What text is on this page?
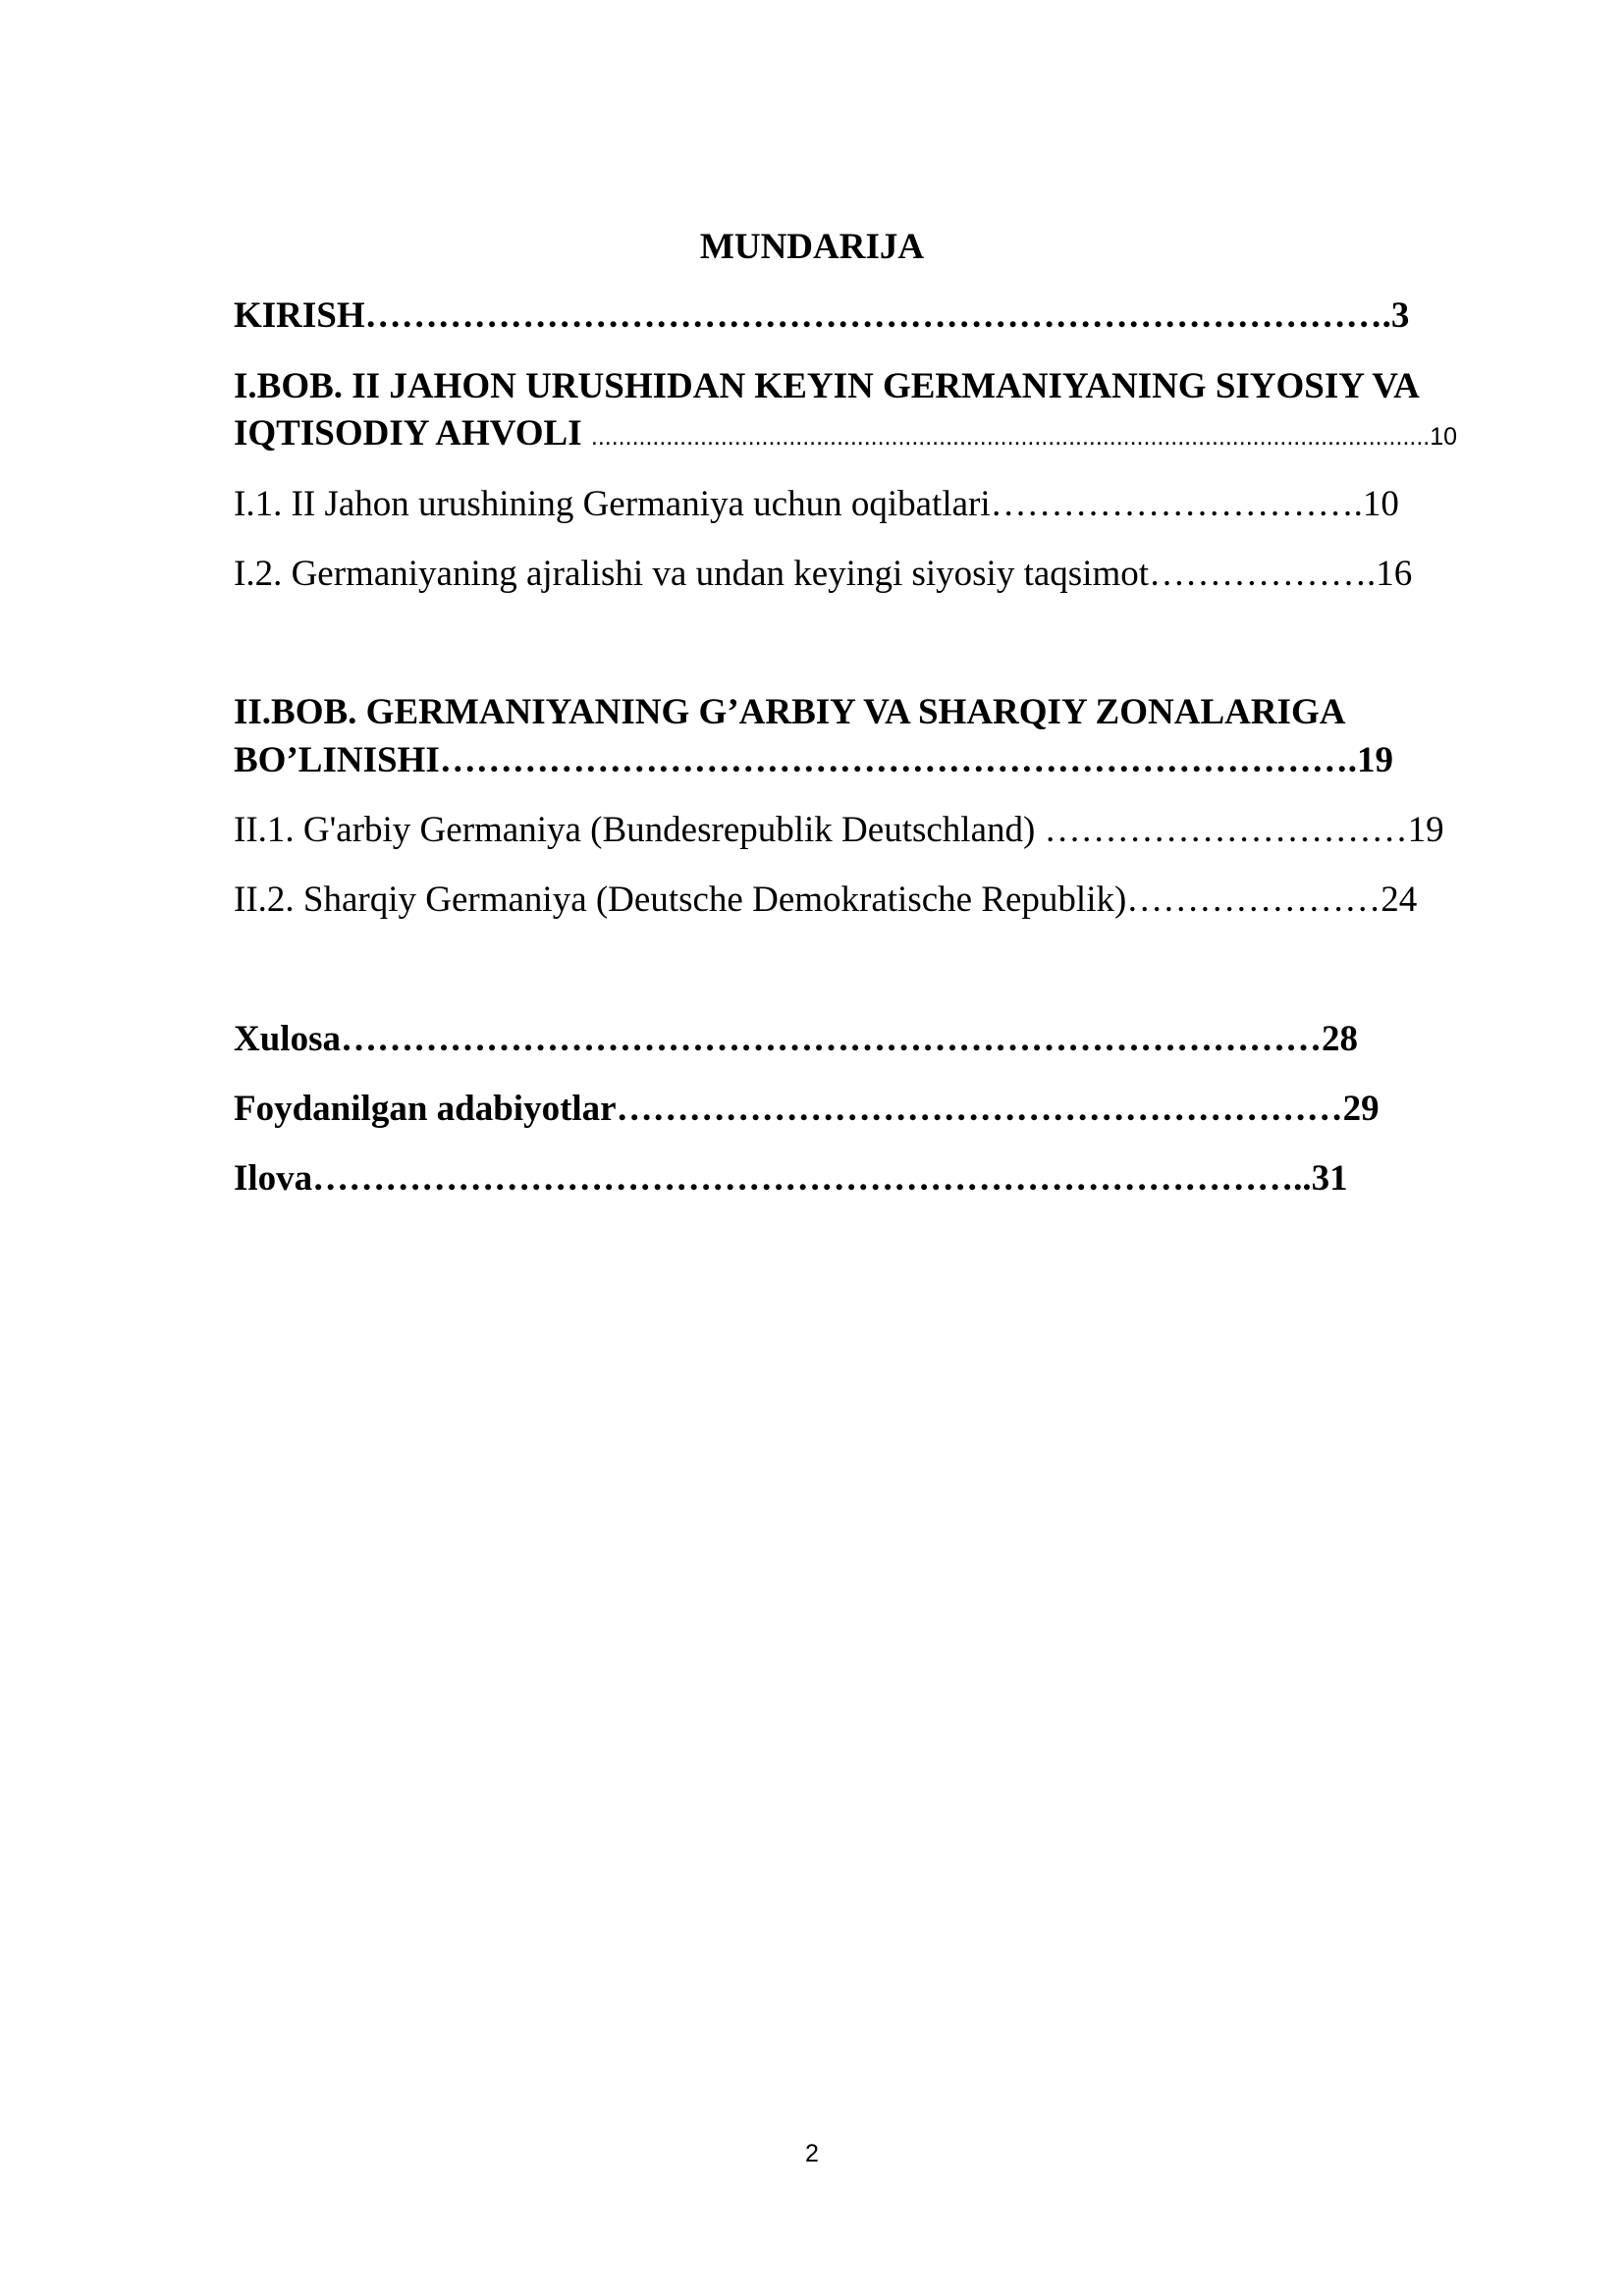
MUNDARIJA
KIRISH………………………………………………………………………….3
I.BOB. II JAHON URUSHIDAN KEYIN GERMANIYANING SIYOSIY VA
IQTISODIY AHVOLI ...........................................................................................................................10
I.1. II Jahon urushining Germaniya uchun oqibatlari………………………….10
I.2. Germaniyaning ajralishi va undan keyingi siyosiy taqsimot……………….16
II.BOB. GERMANIYANING G’ARBIY VA SHARQIY ZONALARIGA
BO’LINISHI………………………………………………………………….19
II.1. G'arbiy Germaniya (Bundesrepublik Deutschland) …………………………19
II.2. Sharqiy Germaniya (Deutsche Demokratische Republik)…………………24
Xulosa………………………………………………………………………28
Foydanilgan adabiyotlar……………………………………………………29
Ilova………………………………………………………………………..31
2
